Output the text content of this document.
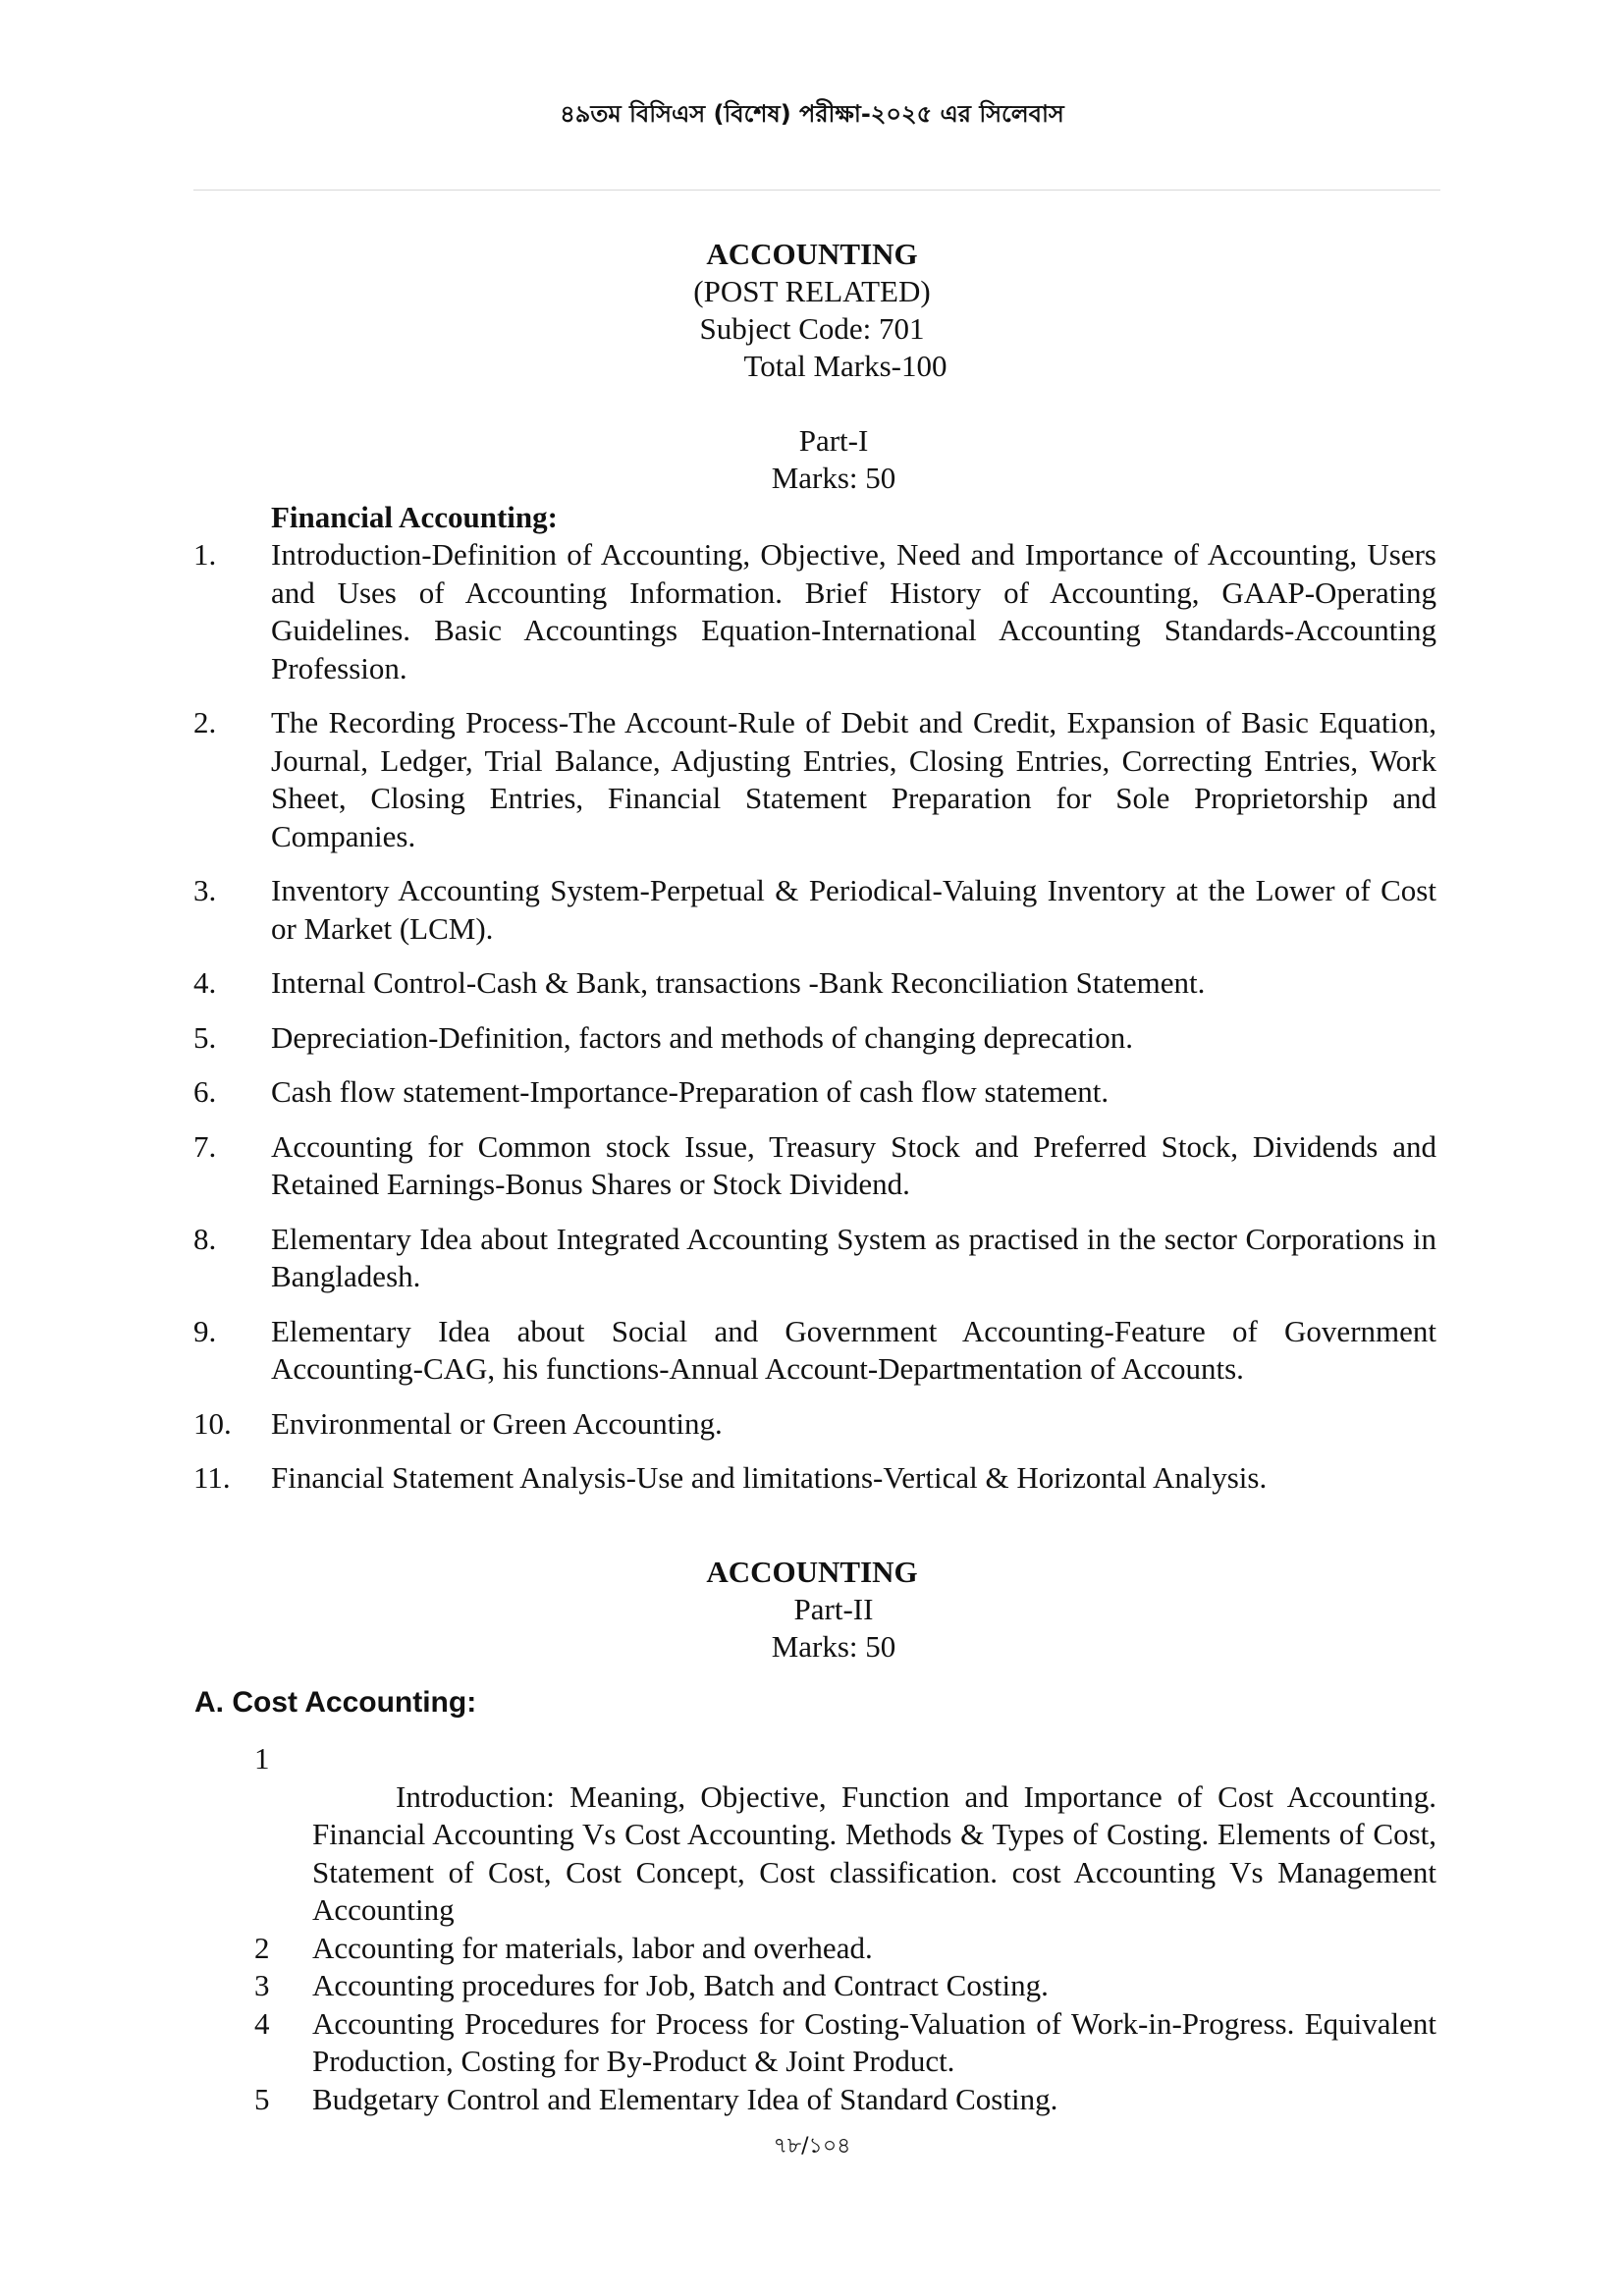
৪৯তম বিসিএস (বিশেষ) পরীক্ষা-২০২৫ এর সিলেবাস
ACCOUNTING
(POST RELATED)
Subject Code: 701
Total Marks-100
Part-I
Marks: 50
Financial Accounting:
1. Introduction-Definition of Accounting, Objective, Need and Importance of Accounting, Users and Uses of Accounting Information. Brief History of Accounting, GAAP-Operating Guidelines. Basic Accountings Equation-International Accounting Standards-Accounting Profession.
2. The Recording Process-The Account-Rule of Debit and Credit, Expansion of Basic Equation, Journal, Ledger, Trial Balance, Adjusting Entries, Closing Entries, Correcting Entries, Work Sheet, Closing Entries, Financial Statement Preparation for Sole Proprietorship and Companies.
3. Inventory Accounting System-Perpetual & Periodical-Valuing Inventory at the Lower of Cost or Market (LCM).
4. Internal Control-Cash & Bank, transactions -Bank Reconciliation Statement.
5. Depreciation-Definition, factors and methods of changing deprecation.
6. Cash flow statement-Importance-Preparation of cash flow statement.
7. Accounting for Common stock Issue, Treasury Stock and Preferred Stock, Dividends and Retained Earnings-Bonus Shares or Stock Dividend.
8. Elementary Idea about Integrated Accounting System as practised in the sector Corporations in Bangladesh.
9. Elementary Idea about Social and Government Accounting-Feature of Government Accounting-CAG, his functions-Annual Account-Departmentation of Accounts.
10. Environmental or Green Accounting.
11. Financial Statement Analysis-Use and limitations-Vertical & Horizontal Analysis.
ACCOUNTING
Part-II
Marks: 50
A. Cost Accounting:
1
Introduction: Meaning, Objective, Function and Importance of Cost Accounting. Financial Accounting Vs Cost Accounting. Methods & Types of Costing. Elements of Cost, Statement of Cost, Cost Concept, Cost classification. cost Accounting Vs Management Accounting
2 Accounting for materials, labor and overhead.
3 Accounting procedures for Job, Batch and Contract Costing.
4 Accounting Procedures for Process for Costing-Valuation of Work-in-Progress. Equivalent Production, Costing for By-Product & Joint Product.
5 Budgetary Control and Elementary Idea of Standard Costing.
৭৮/১০৪
